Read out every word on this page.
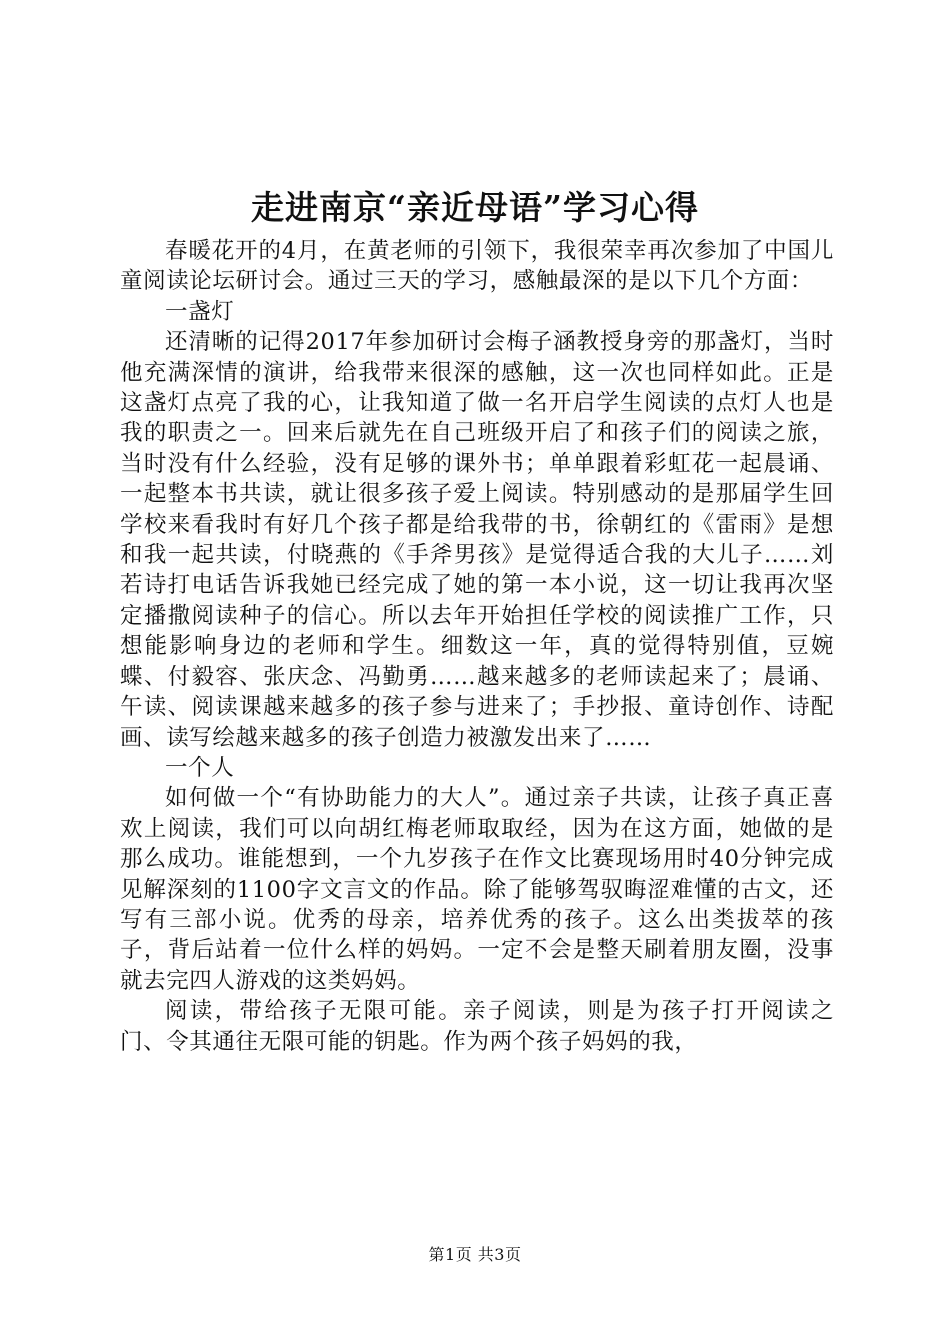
走进南京“亲近母语”学习心得

春暖花开的4月，在黄老师的引领下，我很荣幸再次参加了中国儿童阅读论坛研讨会。通过三天的学习，感触最深的是以下几个方面：

一盏灯

还清晰的记得2017年参加研讨会梅子涵教授身旁的那盏灯，当时他充满深情的演讲，给我带来很深的感触，这一次也同样如此。正是这盏灯点亮了我的心，让我知道了做一名开启学生阅读的点灯人也是我的职责之一。回来后就先在自己班级开启了和孩子们的阅读之旅，当时没有什么经验，没有足够的课外书；单单跟着彩虹花一起晨诵、一起整本书共读，就让很多孩子爱上阅读。特别感动的是那届学生回学校来看我时有好几个孩子都是给我带的书，徐朝红的《雷雨》是想和我一起共读，付晓燕的《手斧男孩》是觉得适合我的大儿子……刘若诗打电话告诉我她已经完成了她的第一本小说，这一切让我再次坚定播撒阅读种子的信心。所以去年开始担任学校的阅读推广工作，只想能影响身边的老师和学生。细数这一年，真的觉得特别值，豆婉蝶、付毅容、张庆念、冯勤勇……越来越多的老师读起来了；晨诵、午读、阅读课越来越多的孩子参与进来了；手抄报、童诗创作、诗配画、读写绘越来越多的孩子创造力被激发出来了……

一个人

如何做一个“有协助能力的大人”。通过亲子共读，让孩子真正喜欢上阅读，我们可以向胡红梅老师取取经，因为在这方面，她做的是那么成功。谁能想到，一个九岁孩子在作文比赛现场用时40分钟完成见解深刻的1100字文言文的作品。除了能够驾驭晦涩难懂的古文，还写有三部小说。优秀的母亲，培养优秀的孩子。这么出类拔萃的孩子，背后站着一位什么样的妈妈。一定不会是整天刷着朋友圈，没事就去完四人游戏的这类妈妈。

阅读，带给孩子无限可能。亲子阅读，则是为孩子打开阅读之门、令其通往无限可能的钥匙。作为两个孩子妈妈的我，

第1页 共3页
